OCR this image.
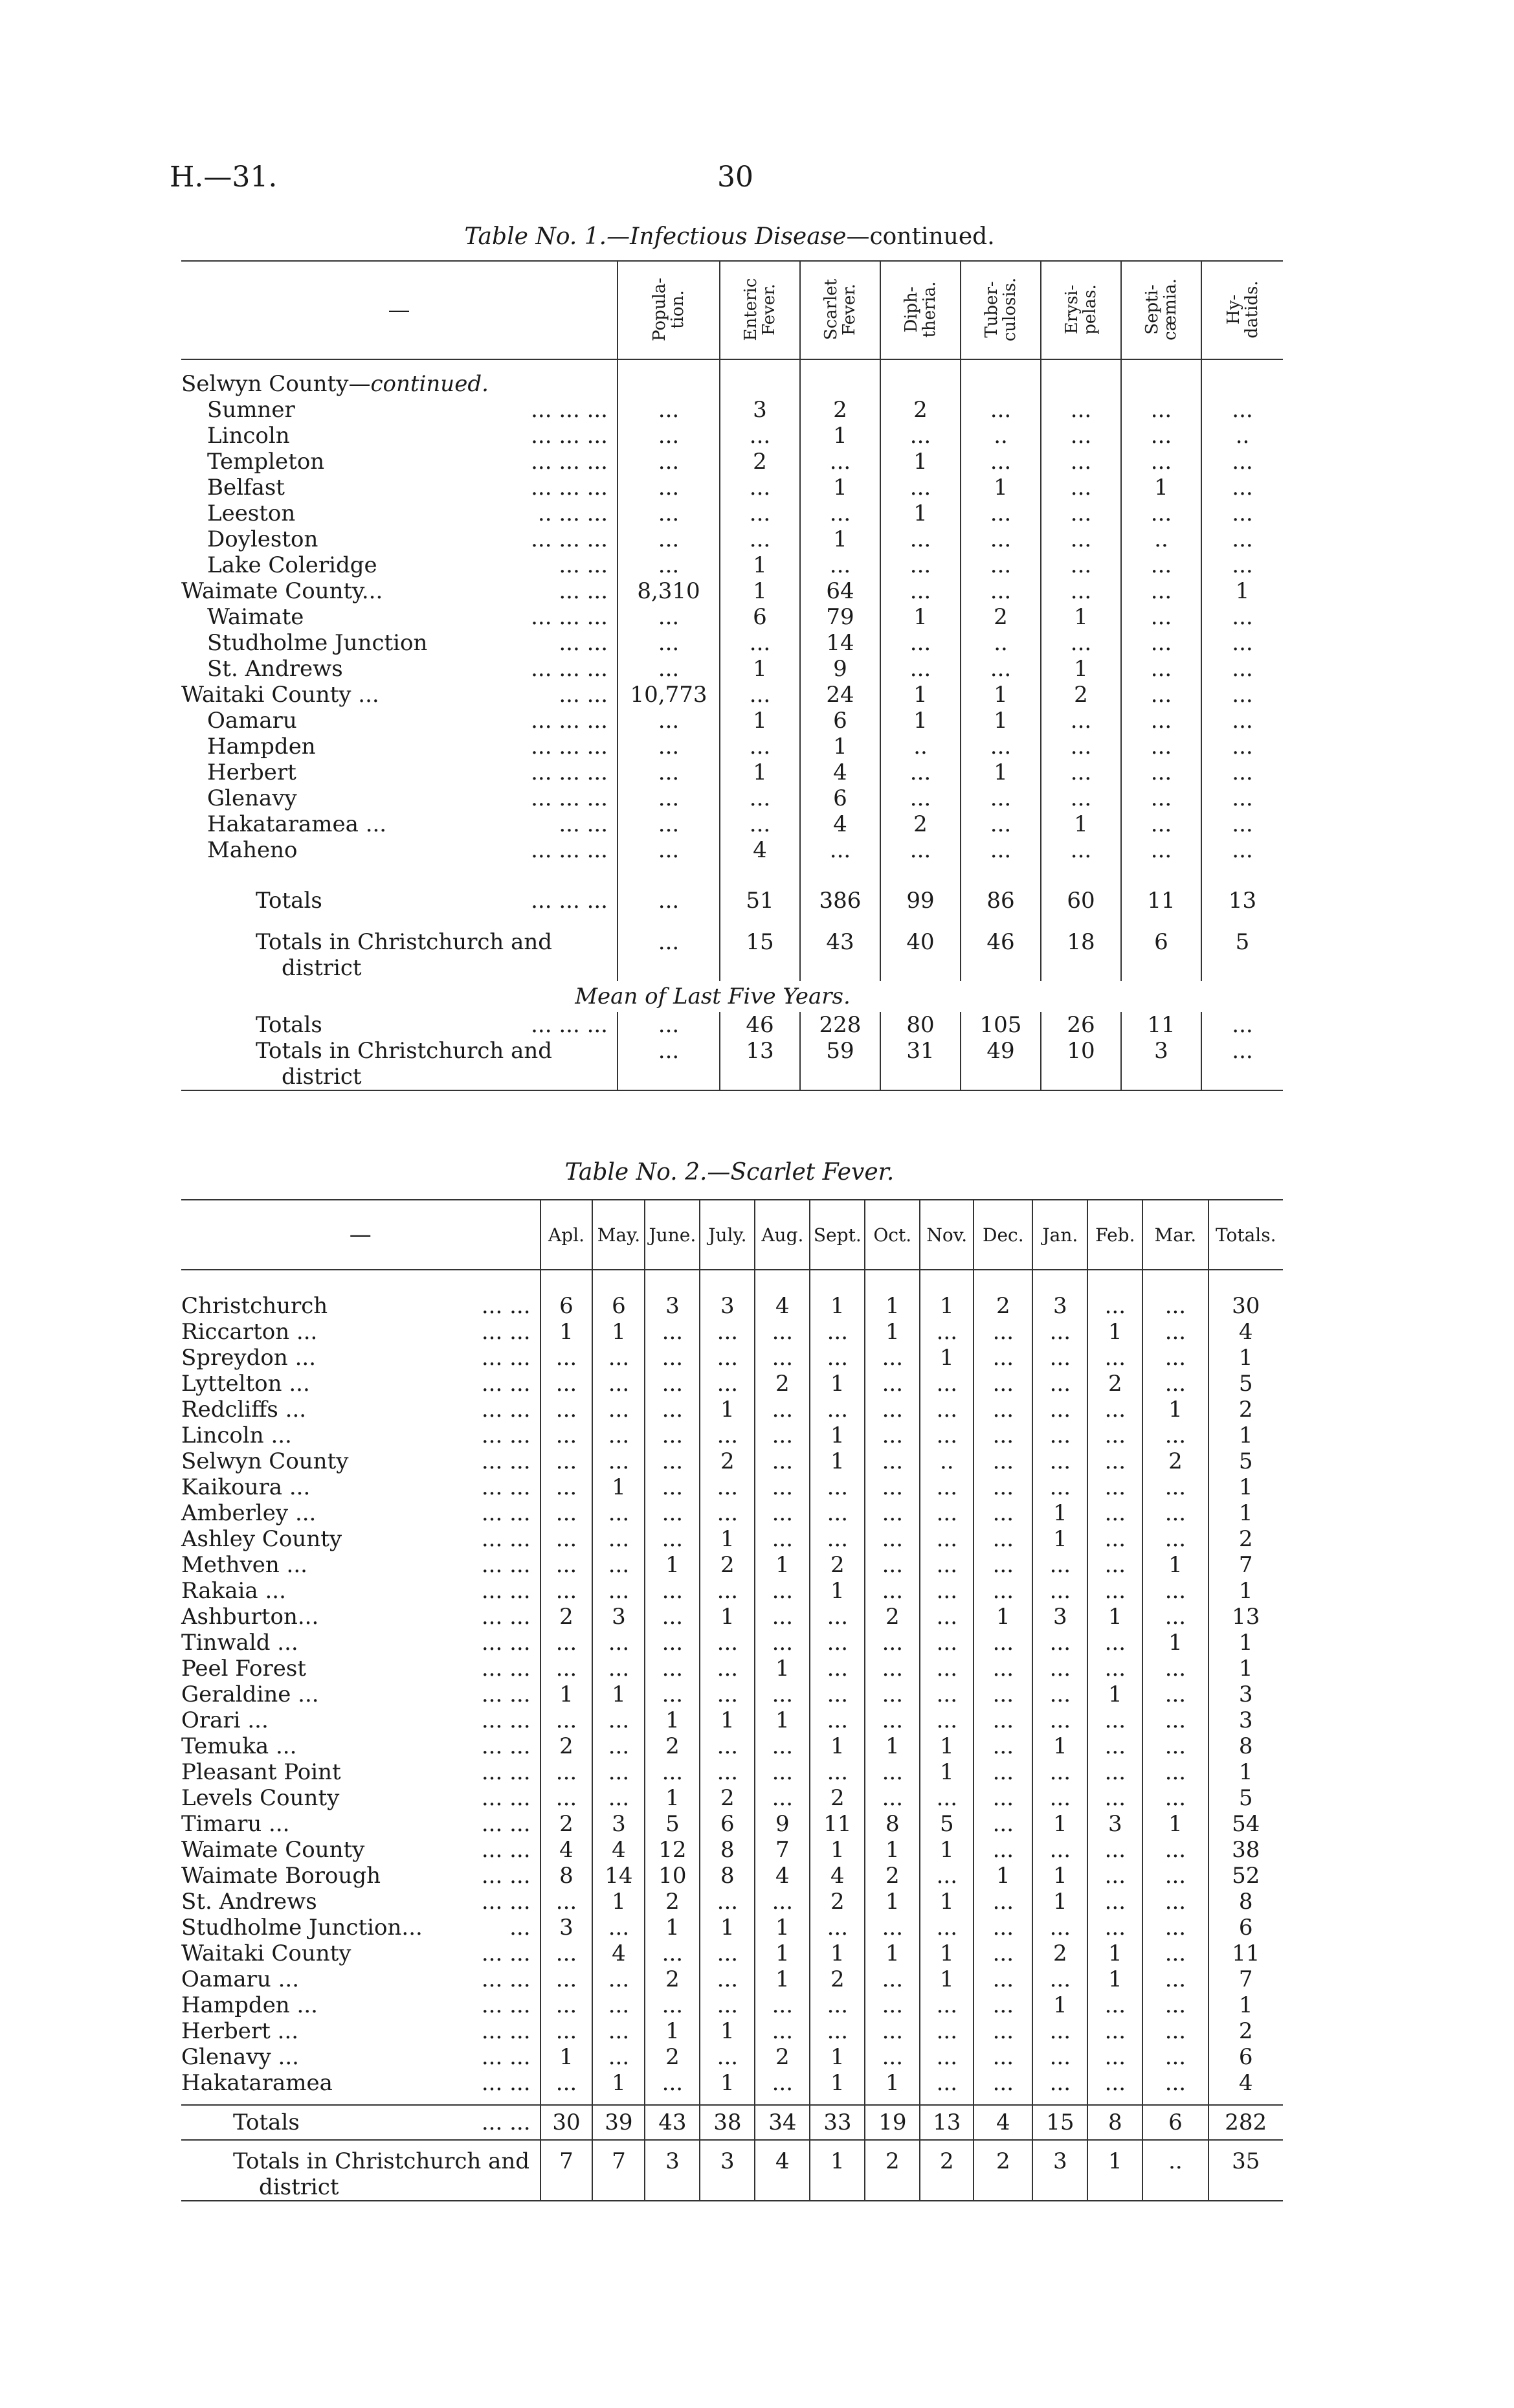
H.—31.	30
Table No. 1.—Infectious Disease—continued.
—	Popula- tion.	Enteric Fever.	Scarlet Fever.	Diph- theria.	Tuber- culosis.	Erysi- pelas.	Septi- cæmia.	Hy- datids.
Selwyn County—continued.								
Sumner ... ... ...	...	3	2	2	...	...	...	...
Lincoln ... ... ...	...	...	1	...	..	...	...	..
Templeton ... ... ...	...	2	...	1	...	...	...	...
Belfast ... ... ...	...	...	1	...	1	...	1	...
Leeston .. ... ...	...	...	...	1	...	...	...	...
Doyleston ... ... ...	...	...	1	...	...	...	..	...
Lake Coleridge ... ...	...	1	...	...	...	...	...	...
Waimate County... ... ...	8,310	1	64	...	...	...	...	1
Waimate ... ... ...	...	6	79	1	2	1	...	...
Studholme Junction ... ...	...	...	14	...	..	...	...	...
St. Andrews ... ... ...	...	1	9	...	...	1	...	...
Waitaki County ... ... ...	10,773	...	24	1	1	2	...	...
Oamaru ... ... ...	...	1	6	1	1	...	...	...
Hampden ... ... ...	...	...	1	..	...	...	...	...
Herbert ... ... ...	...	1	4	...	1	...	...	...
Glenavy ... ... ...	...	...	6	...	...	...	...	...
Hakataramea ... ... ...	...	...	4	2	...	1	...	...
Maheno ... ... ...	...	4	...	...	...	...	...	...

Totals ... ... ...	...	51	386	99	86	60	11	13

Totals in Christchurch and
district	...	15	43	40	46	18	6	5
Mean of Last Five Years.								
Totals ... ... ...	...	46	228	80	105	26	11	...
Totals in Christchurch and
district	...	13	59	31	49	10	3	...
Table No. 2.—Scarlet Fever.
—	Apl.	May.	June.	July.	Aug.	Sept.	Oct.	Nov.	Dec.	Jan.	Feb.	Mar.	Totals.

Christchurch ... ...	6	6	3	3	4	1	1	1	2	3	...	...	30
Riccarton ... ... ...	1	1	...	...	...	...	1	...	...	...	1	...	4
Spreydon ... ... ...	...	...	...	...	...	...	...	1	...	...	...	...	1
Lyttelton ... ... ...	...	...	...	...	2	1	...	...	...	...	2	...	5
Redcliffs ... ... ...	...	...	...	1	...	...	...	...	...	...	...	1	2
Lincoln ... ... ...	...	...	...	...	...	1	...	...	...	...	...	...	1
Selwyn County ... ...	...	...	...	2	...	1	...	..	...	...	...	2	5
Kaikoura ... ... ...	...	1	...	...	...	...	...	...	...	...	...	...	1
Amberley ... ... ...	...	...	...	...	...	...	...	...	...	1	...	...	1
Ashley County ... ...	...	...	...	1	...	...	...	...	...	1	...	...	2
Methven ... ... ...	...	...	1	2	1	2	...	...	...	...	...	1	7
Rakaia ... ... ...	...	...	...	...	...	1	...	...	...	...	...	...	1
Ashburton... ... ...	2	3	...	1	...	...	2	...	1	3	1	...	13
Tinwald ... ... ...	...	...	...	...	...	...	...	...	...	...	...	1	1
Peel Forest ... ...	...	...	...	...	1	...	...	...	...	...	...	...	1
Geraldine ... ... ...	1	1	...	...	...	...	...	...	...	...	1	...	3
Orari ... ... ...	...	...	1	1	1	...	...	...	...	...	...	...	3
Temuka ... ... ...	2	...	2	...	...	1	1	1	...	1	...	...	8
Pleasant Point ... ...	...	...	...	...	...	...	...	1	...	...	...	...	1
Levels County ... ...	...	...	1	2	...	2	...	...	...	...	...	...	5
Timaru ... ... ...	2	3	5	6	9	11	8	5	...	1	3	1	54
Waimate County ... ...	4	4	12	8	7	1	1	1	...	...	...	...	38
Waimate Borough ... ...	8	14	10	8	4	4	2	...	1	1	...	...	52
St. Andrews ... ...	...	1	2	...	...	2	1	1	...	1	...	...	8
Studholme Junction... ...	3	...	1	1	1	...	...	...	...	...	...	...	6
Waitaki County ... ...	...	4	...	...	1	1	1	1	...	2	1	...	11
Oamaru ... ... ...	...	...	2	...	1	2	...	1	...	...	1	...	7
Hampden ... ... ...	...	...	...	...	...	...	...	...	...	1	...	...	1
Herbert ... ... ...	...	...	1	1	...	...	...	...	...	...	...	...	2
Glenavy ... ... ...	1	...	2	...	2	1	...	...	...	...	...	...	6
Hakataramea ... ...	...	1	...	1	...	1	1	...	...	...	...	...	4

Totals ... ...	30	39	43	38	34	33	19	13	4	15	8	6	282
Totals in Christchurch and
district	7	7	3	3	4	1	2	2	2	3	1	..	35
